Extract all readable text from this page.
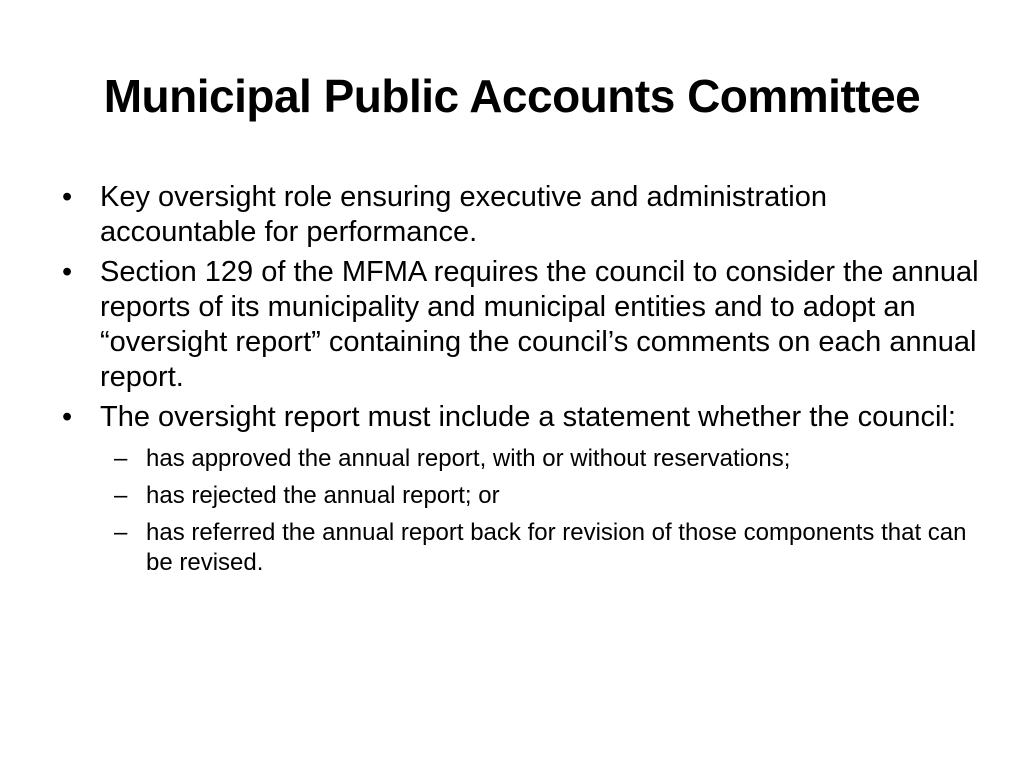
Municipal Public Accounts Committee
• Key oversight role ensuring executive and administration accountable for performance.
• Section 129 of the MFMA requires the council to consider the annual reports of its municipality and municipal entities and to adopt an “oversight report” containing the council’s comments on each annual report.
• The oversight report must include a statement whether the council:
– has approved the annual report, with or without reservations;
– has rejected the annual report; or
– has referred the annual report back for revision of those components that can be revised.
